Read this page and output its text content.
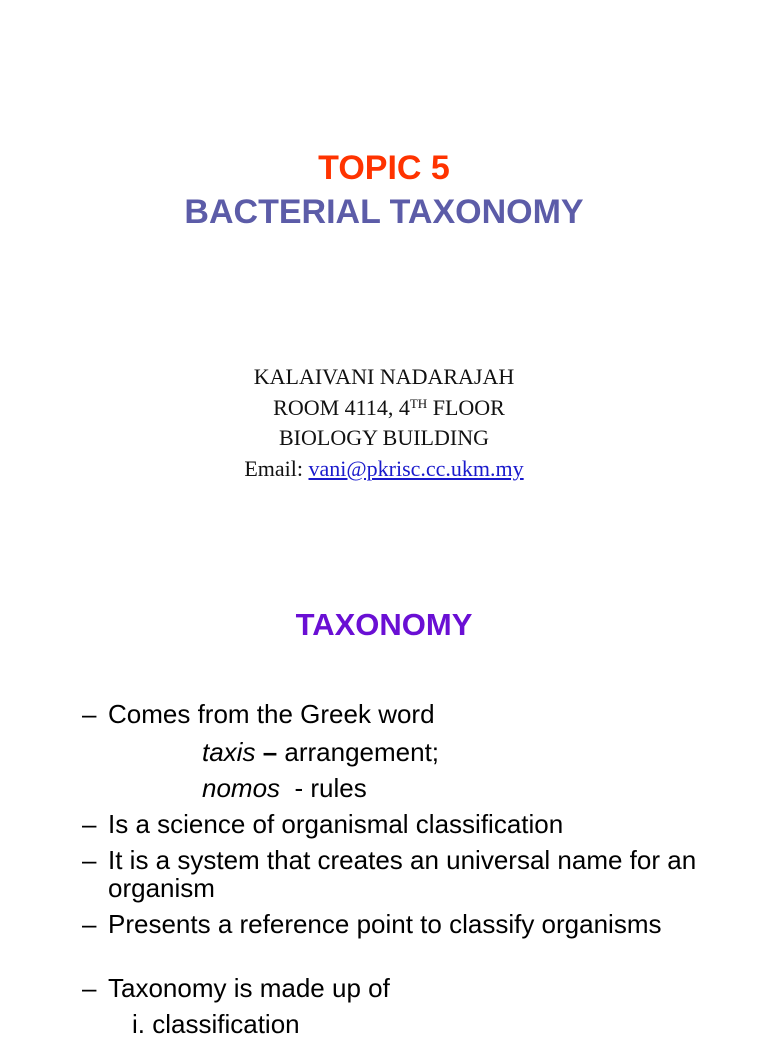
TOPIC 5
BACTERIAL TAXONOMY
KALAIVANI NADARAJAH
ROOM 4114, 4TH FLOOR
BIOLOGY BUILDING
Email: vani@pkrisc.cc.ukm.my
TAXONOMY
– Comes from the Greek word
taxis – arrangement;
nomos  - rules
– Is a science of organismal classification
– It is a system that creates an universal name for an organism
– Presents a reference point to classify organisms
– Taxonomy is made up of
i. classification
